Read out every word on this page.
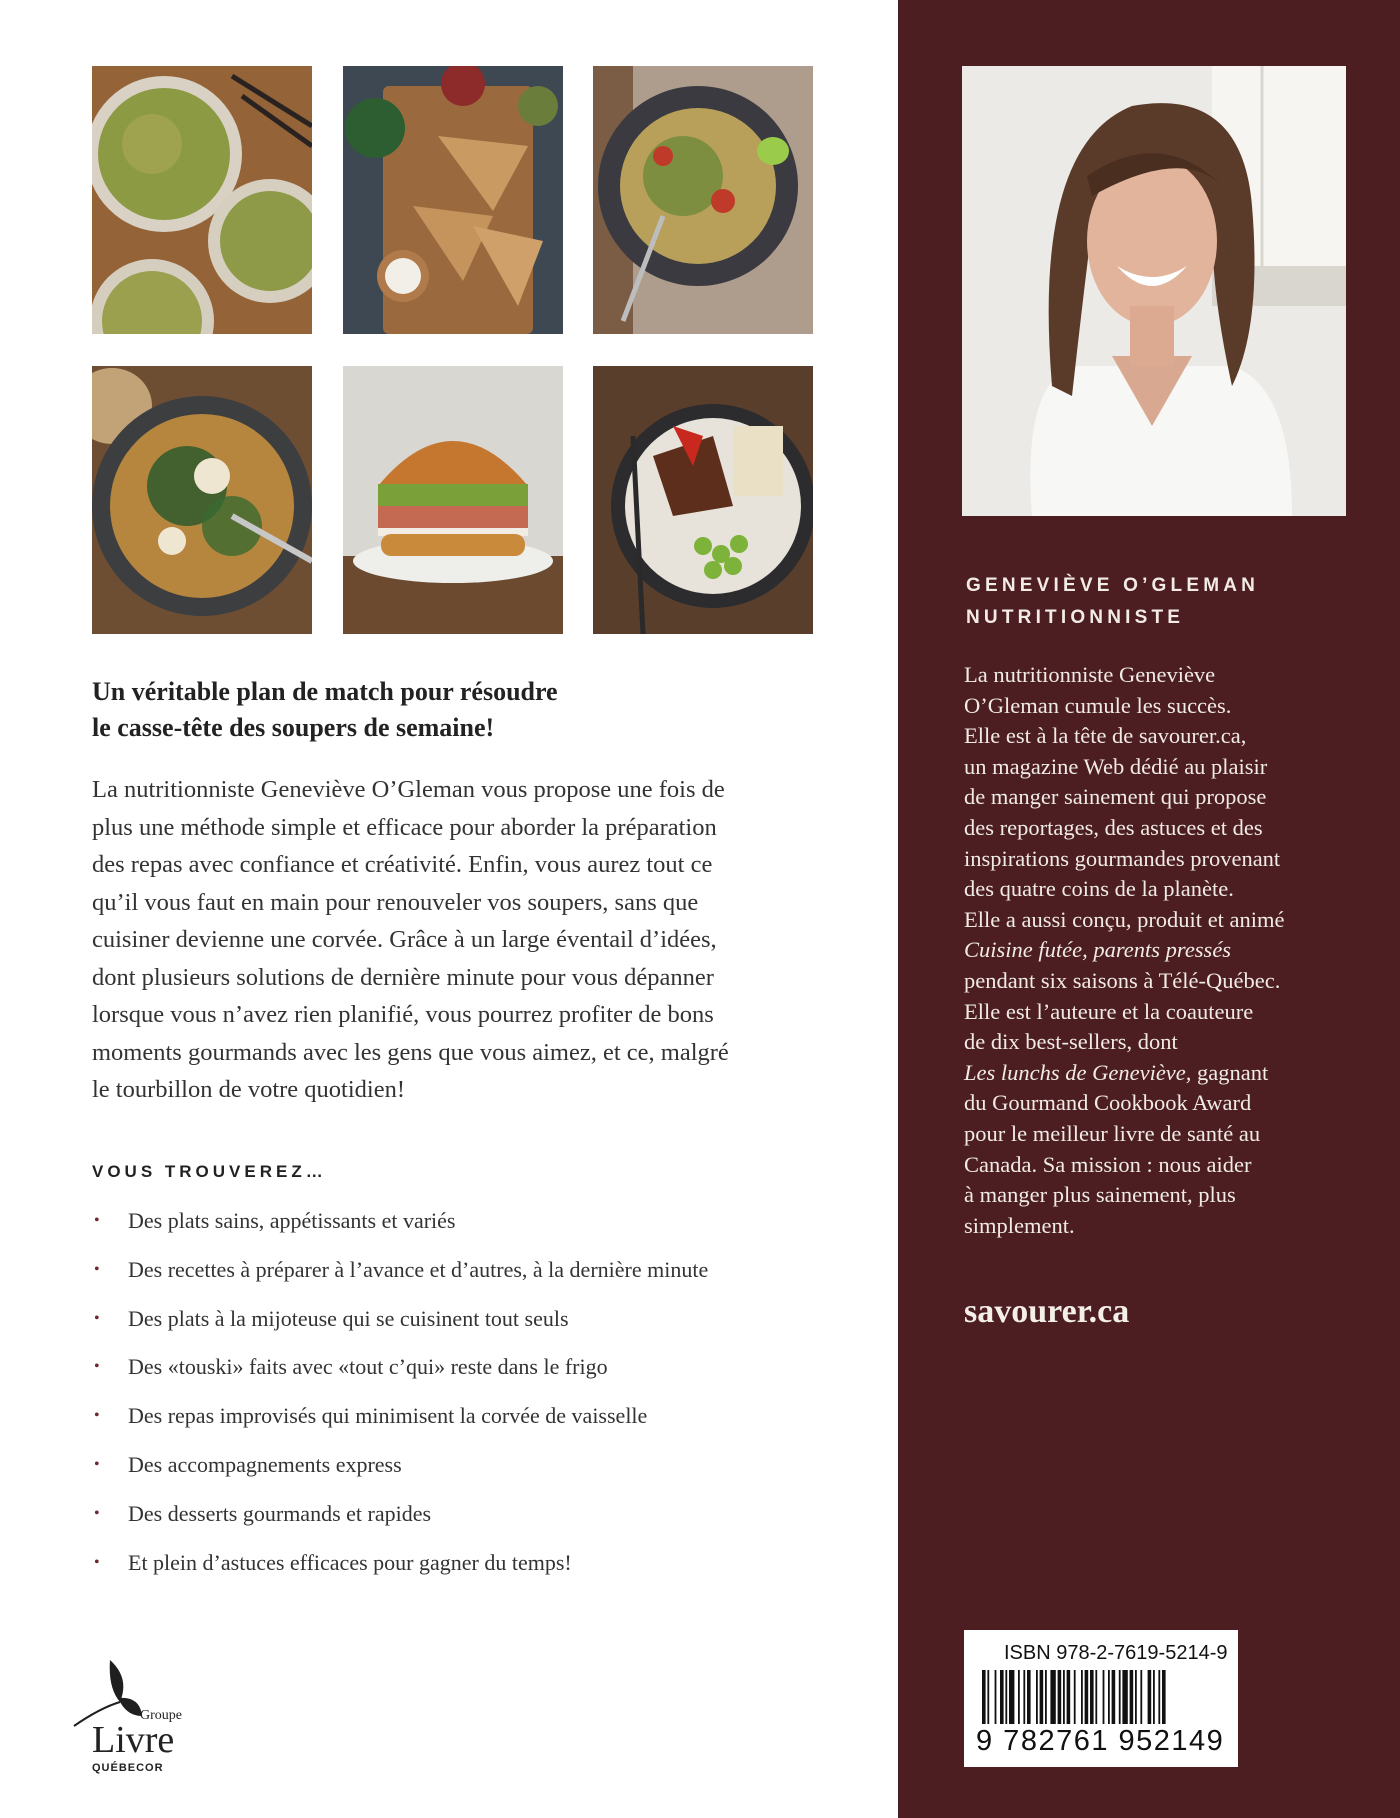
Un véritable plan de match pour résoudre
le casse-tête des soupers de semaine!
La nutritionniste Geneviève O’Gleman vous propose une fois de
plus une méthode simple et efficace pour aborder la préparation
des repas avec confiance et créativité. Enfin, vous aurez tout ce
qu’il vous faut en main pour renouveler vos soupers, sans que
cuisiner devienne une corvée. Grâce à un large éventail d’idées,
dont plusieurs solutions de dernière minute pour vous dépanner
lorsque vous n’avez rien planifié, vous pourrez profiter de bons
moments gourmands avec les gens que vous aimez, et ce, malgré
le tourbillon de votre quotidien!
VOUS TROUVEREZ…
• Des plats sains, appétissants et variés
• Des recettes à préparer à l’avance et d’autres, à la dernière minute
• Des plats à la mijoteuse qui se cuisinent tout seuls
• Des «touski» faits avec «tout c’qui» reste dans le frigo
• Des repas improvisés qui minimisent la corvée de vaisselle
• Des accompagnements express
• Des desserts gourmands et rapides
• Et plein d’astuces efficaces pour gagner du temps!
Groupe
Livre
QUÉBECOR
GENEVIÈVE O’GLEMAN
NUTRITIONNISTE
La nutritionniste Geneviève
O’Gleman cumule les succès.
Elle est à la tête de savourer.ca,
un magazine Web dédié au plaisir
de manger sainement qui propose
des reportages, des astuces et des
inspirations gourmandes provenant
des quatre coins de la planète.
Elle a aussi conçu, produit et animé
Cuisine futée, parents pressés
pendant six saisons à Télé-Québec.
Elle est l’auteure et la coauteure
de dix best-sellers, dont
Les lunchs de Geneviève, gagnant
du Gourmand Cookbook Award
pour le meilleur livre de santé au
Canada. Sa mission : nous aider
à manger plus sainement, plus
simplement.
savourer.ca
ISBN 978-2-7619-5214-9
9 782761 952149
